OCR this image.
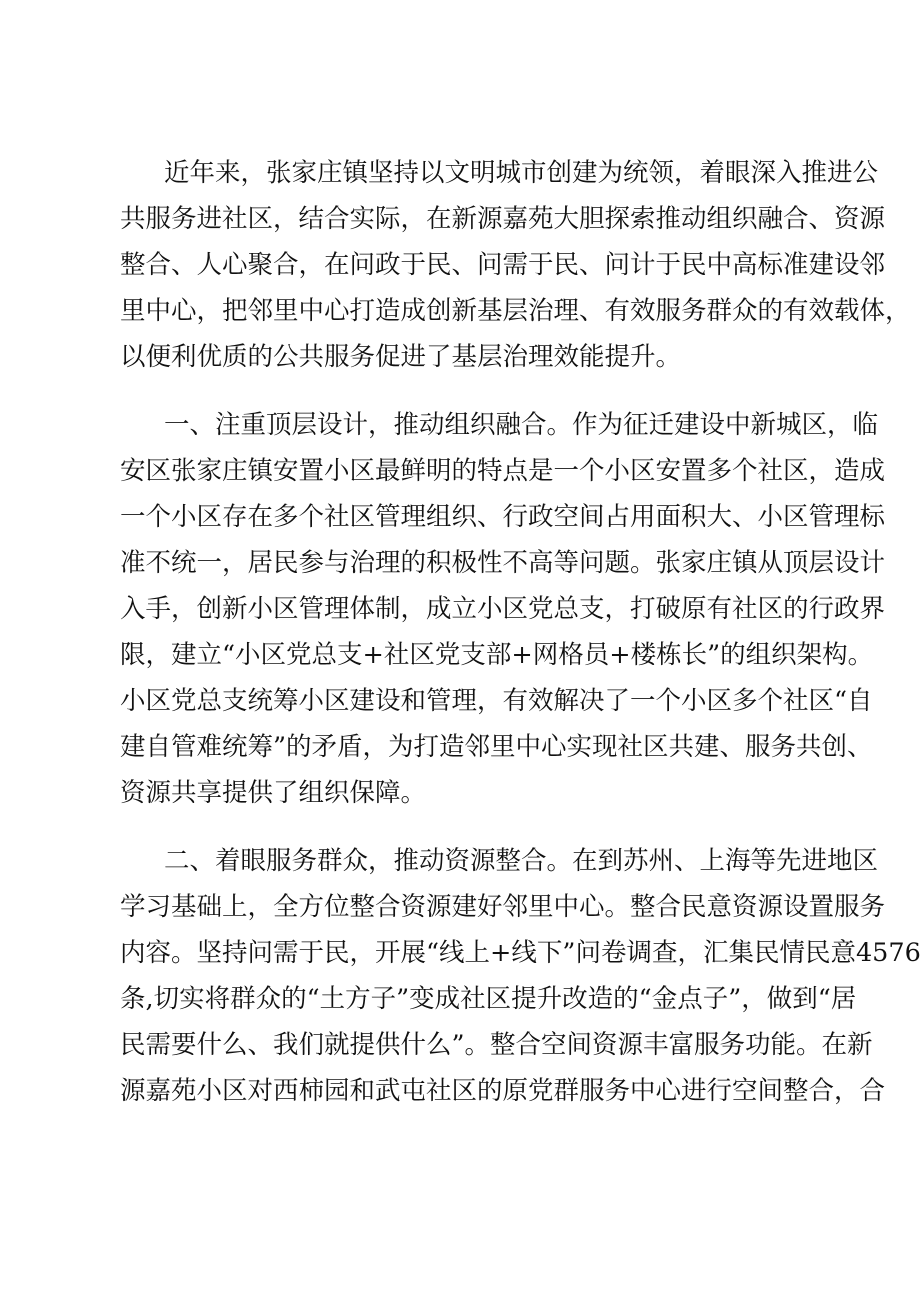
近年来，张家庄镇坚持以文明城市创建为统领，着眼深入推进公
共服务进社区，结合实际，在新源嘉苑大胆探索推动组织融合、资源
整合、人心聚合，在问政于民、问需于民、问计于民中高标准建设邻
里中心，把邻里中心打造成创新基层治理、有效服务群众的有效载体，
以便利优质的公共服务促进了基层治理效能提升。
一、注重顶层设计，推动组织融合。作为征迁建设中新城区，临
安区张家庄镇安置小区最鲜明的特点是一个小区安置多个社区，造成
一个小区存在多个社区管理组织、行政空间占用面积大、小区管理标
准不统一，居民参与治理的积极性不高等问题。张家庄镇从顶层设计
入手，创新小区管理体制，成立小区党总支，打破原有社区的行政界
限，建立“小区党总支+社区党支部+网格员+楼栋长”的组织架构。
小区党总支统筹小区建设和管理，有效解决了一个小区多个社区“自
建自管难统筹”的矛盾，为打造邻里中心实现社区共建、服务共创、
资源共享提供了组织保障。
二、着眼服务群众，推动资源整合。在到苏州、上海等先进地区
学习基础上，全方位整合资源建好邻里中心。整合民意资源设置服务
内容。坚持问需于民，开展“线上+线下”问卷调查，汇集民情民意4576
条,切实将群众的“土方子”变成社区提升改造的“金点子”，做到“居
民需要什么、我们就提供什么”。整合空间资源丰富服务功能。在新
源嘉苑小区对西柿园和武屯社区的原党群服务中心进行空间整合，合
